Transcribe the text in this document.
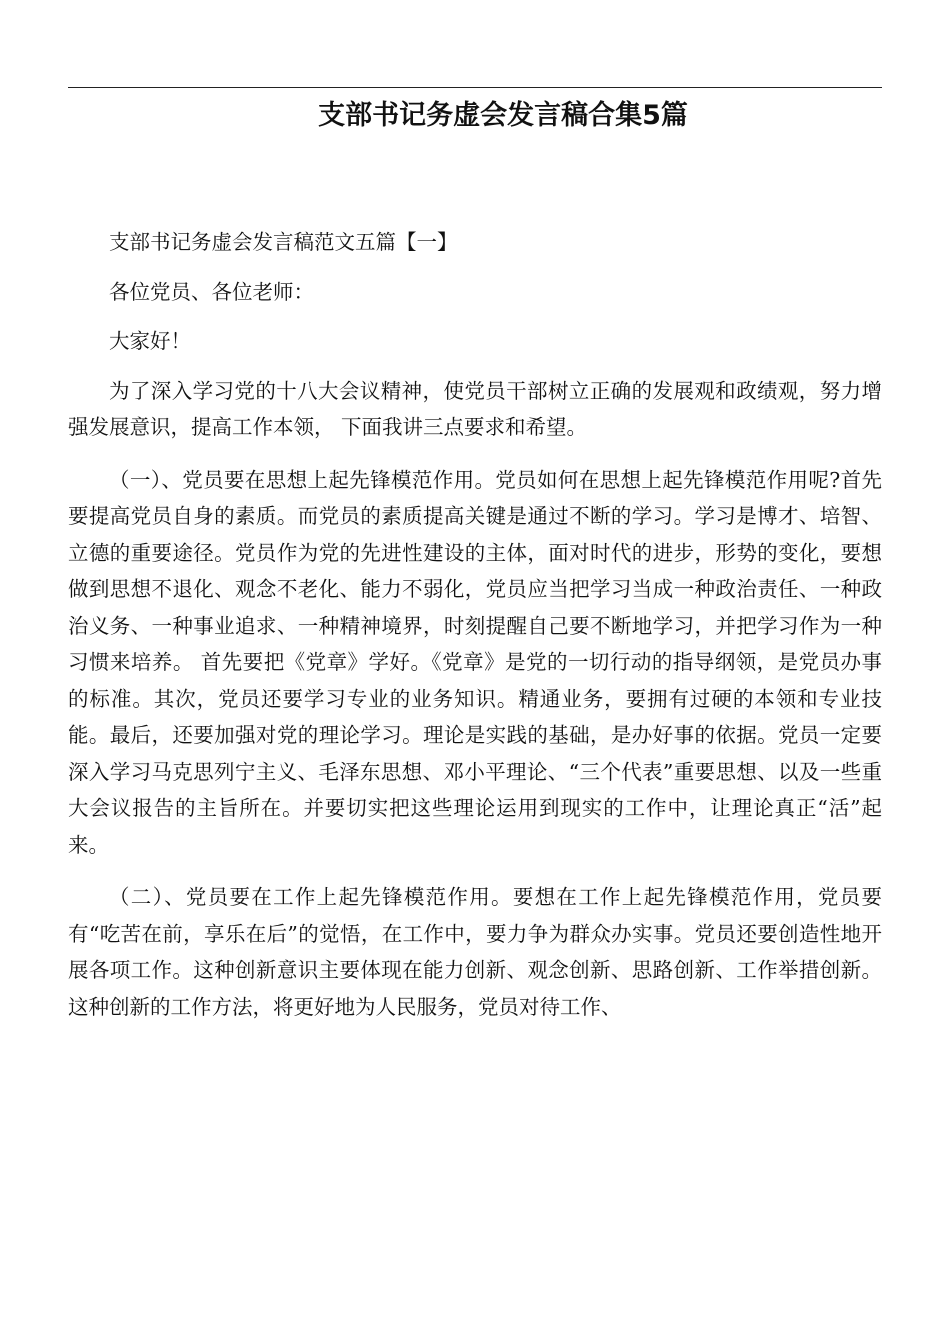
支部书记务虚会发言稿合集5篇

支部书记务虚会发言稿范文五篇【一】

各位党员、各位老师：

大家好！

为了深入学习党的十八大会议精神，使党员干部树立正确的发展观和政绩观，努力增强发展意识，提高工作本领， 下面我讲三点要求和希望。

（一）、党员要在思想上起先锋模范作用。党员如何在思想上起先锋模范作用呢?首先要提高党员自身的素质。而党员的素质提高关键是通过不断的学习。学习是博才、培智、立德的重要途径。党员作为党的先进性建设的主体，面对时代的进步，形势的变化，要想做到思想不退化、观念不老化、能力不弱化，党员应当把学习当成一种政治责任、一种政治义务、一种事业追求、一种精神境界，时刻提醒自己要不断地学习，并把学习作为一种习惯来培养。 首先要把《党章》学好。《党章》是党的一切行动的指导纲领，是党员办事的标准。其次，党员还要学习专业的业务知识。精通业务，要拥有过硬的本领和专业技能。最后，还要加强对党的理论学习。理论是实践的基础，是办好事的依据。党员一定要深入学习马克思列宁主义、毛泽东思想、邓小平理论、“三个代表”重要思想、以及一些重大会议报告的主旨所在。并要切实把这些理论运用到现实的工作中，让理论真正“活”起来。

（二）、党员要在工作上起先锋模范作用。要想在工作上起先锋模范作用，党员要有“吃苦在前，享乐在后”的觉悟，在工作中，要力争为群众办实事。党员还要创造性地开展各项工作。这种创新意识主要体现在能力创新、观念创新、思路创新、工作举措创新。这种创新的工作方法，将更好地为人民服务，党员对待工作、
